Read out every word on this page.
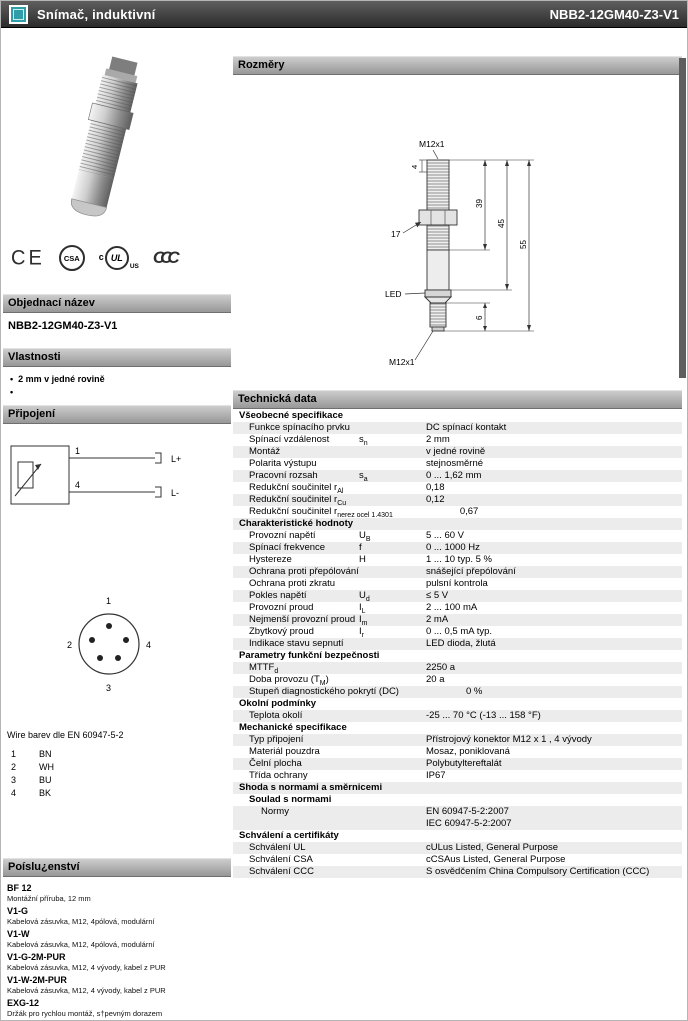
Snímač, induktivní	NBB2-12GM40-Z3-V1
CE	CSA	c UL
US CCC
Objednací název
NBB2-12GM40-Z3-V1
Vlastnosti
• 2 mm v jedné rovině
•
Připojení
1
4
L+
L-
1
2	4
3
Wire barev dle EN 60947-5-2
1	BN
2	WH
3	BU
4	BK
Poíslu¿enství
BF 12
Montážní příruba, 12 mm
V1-G
Kabelová zásuvka, M12, 4pólová, modulární
V1-W
Kabelová zásuvka, M12, 4pólová, modulární
V1-G-2M-PUR
Kabelová zásuvka, M12, 4 vývody, kabel z PUR
V1-W-2M-PUR
Kabelová zásuvka, M12, 4 vývody, kabel z PUR
EXG-12
Držák pro rychlou montáž, s†pevným dorazem
Rozměry
M12x1
4
17
LED
M12x1
39
45
55
6
Technická data
Všeobecné specifikace
Funkce spínacího prvku	DC spínací kontakt
Spínací vzdálenost	$s_n$	2 mm
Montáž	v jedné rovině
Polarita výstupu	stejnosměrné
Pracovní rozsah	$s_a$	0 ... 1,62 mm
Redukční součinitel $r_{Al}$	0,18
Redukční součinitel $r_{Cu}$	0,12
Redukční součinitel $r_{nerez ocel 1.4301}$	0,67
Charakteristické hodnoty
Provozní napětí	$U_B$	5 ... 60 V
Spínací frekvence	f	0 ... 1000 Hz
Hystereze	H	1 ... 10 typ. 5 %
Ochrana proti přepólování	snášející přepólování
Ochrana proti zkratu	pulsní kontrola
Pokles napětí	$U_d$	≤ 5 V
Provozní proud	$I_L$	2 ... 100 mA
Nejmenší provozní proud $I_m$	2 mA
Zbytkový proud	$I_r$	0 ... 0,5 mA typ.
Indikace stavu sepnutí	LED dioda, žlutá
Parametry funkční bezpečnosti
$MTTF_d$	2250 a
Doba provozu $(T_M)$	20 a
Stupeň diagnostického pokrytí (DC)	0 %
Okolní podmínky
Teplota okolí	-25 ... 70 °C (-13 ... 158 °F)
Mechanické specifikace
Typ připojení	Přístrojový konektor M12 x 1 , 4 vývody
Materiál pouzdra	Mosaz, poniklovaná
Čelní plocha	Polybutyltereftalát
Třída ochrany	IP67
Shoda s normami a směrnicemi
Soulad s normami
Normy	EN 60947-5-2:2007
IEC 60947-5-2:2007
Schválení a certifikáty
Schválení UL	cULus Listed, General Purpose
Schválení CSA	cCSAus Listed, General Purpose
Schválení CCC	S osvědčením China Compulsory Certification (CCC)
